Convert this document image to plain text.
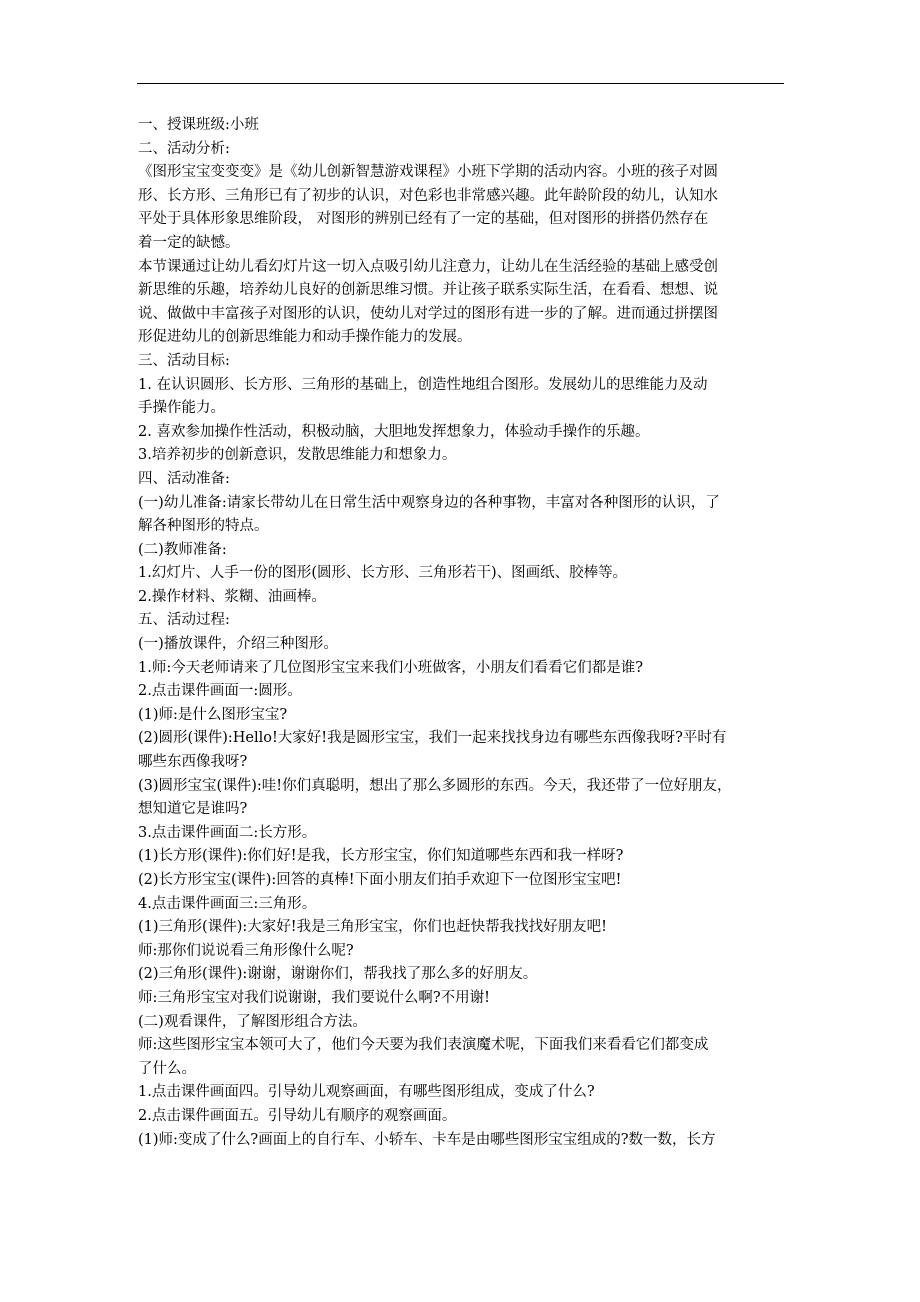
一、授课班级:小班
二、活动分析:
《图形宝宝变变变》是《幼儿创新智慧游戏课程》小班下学期的活动内容。小班的孩子对圆
形、长方形、三角形已有了初步的认识，对色彩也非常感兴趣。此年龄阶段的幼儿，认知水
平处于具体形象思维阶段， 对图形的辨别已经有了一定的基础，但对图形的拼搭仍然存在
着一定的缺憾。
本节课通过让幼儿看幻灯片这一切入点吸引幼儿注意力，让幼儿在生活经验的基础上感受创
新思维的乐趣，培养幼儿良好的创新思维习惯。并让孩子联系实际生活，在看看、想想、说
说、做做中丰富孩子对图形的认识，使幼儿对学过的图形有进一步的了解。进而通过拼摆图
形促进幼儿的创新思维能力和动手操作能力的发展。
三、活动目标:
1. 在认识圆形、长方形、三角形的基础上，创造性地组合图形。发展幼儿的思维能力及动
手操作能力。
2. 喜欢参加操作性活动，积极动脑，大胆地发挥想象力，体验动手操作的乐趣。
3.培养初步的创新意识，发散思维能力和想象力。
四、活动准备:
(一)幼儿准备:请家长带幼儿在日常生活中观察身边的各种事物，丰富对各种图形的认识，了
解各种图形的特点。
(二)教师准备:
1.幻灯片、人手一份的图形(圆形、长方形、三角形若干)、图画纸、胶棒等。
2.操作材料、浆糊、油画棒。
五、活动过程:
(一)播放课件，介绍三种图形。
1.师:今天老师请来了几位图形宝宝来我们小班做客，小朋友们看看它们都是谁?
2.点击课件画面一:圆形。
(1)师:是什么图形宝宝?
(2)圆形(课件):Hello!大家好!我是圆形宝宝，我们一起来找找身边有哪些东西像我呀?平时有
哪些东西像我呀?
(3)圆形宝宝(课件):哇!你们真聪明，想出了那么多圆形的东西。今天，我还带了一位好朋友，
想知道它是谁吗?
3.点击课件画面二:长方形。
(1)长方形(课件):你们好!是我，长方形宝宝，你们知道哪些东西和我一样呀?
(2)长方形宝宝(课件):回答的真棒!下面小朋友们拍手欢迎下一位图形宝宝吧!
4.点击课件画面三:三角形。
(1)三角形(课件):大家好!我是三角形宝宝，你们也赶快帮我找找好朋友吧!
师:那你们说说看三角形像什么呢?
(2)三角形(课件):谢谢，谢谢你们，帮我找了那么多的好朋友。
师:三角形宝宝对我们说谢谢，我们要说什么啊?不用谢!
(二)观看课件，了解图形组合方法。
师:这些图形宝宝本领可大了，他们今天要为我们表演魔术呢，下面我们来看看它们都变成
了什么。
1.点击课件画面四。引导幼儿观察画面，有哪些图形组成，变成了什么?
2.点击课件画面五。引导幼儿有顺序的观察画面。
(1)师:变成了什么?画面上的自行车、小轿车、卡车是由哪些图形宝宝组成的?数一数，长方
